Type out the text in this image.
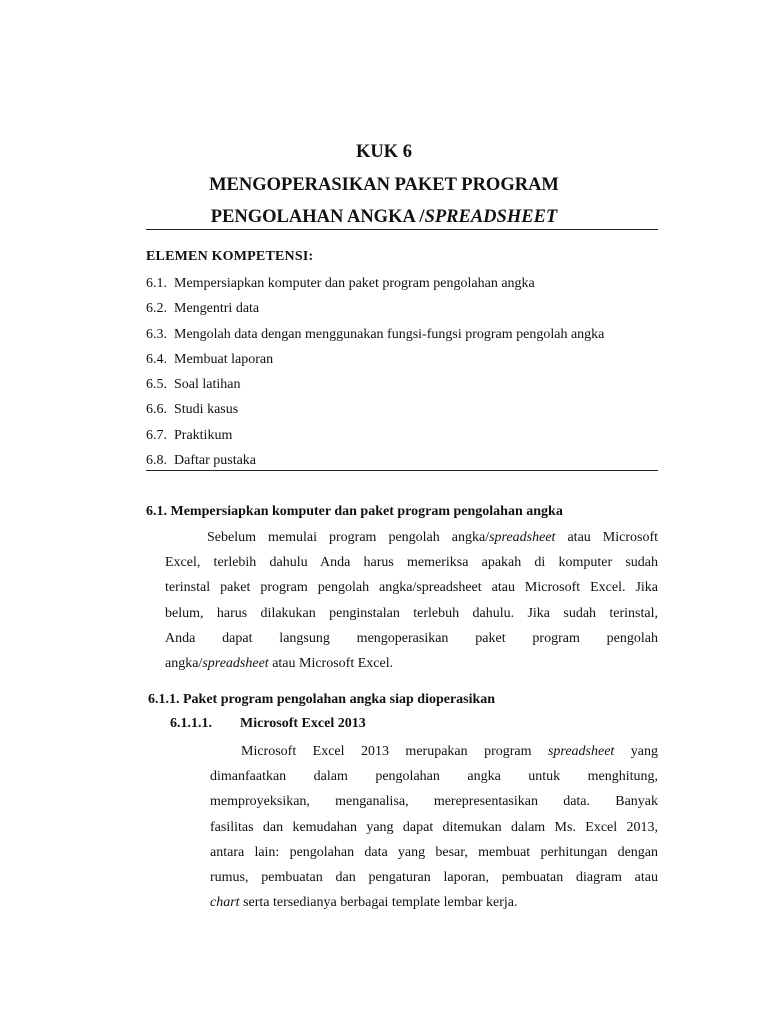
KUK 6
MENGOPERASIKAN PAKET PROGRAM
PENGOLAHAN ANGKA /SPREADSHEET
ELEMEN KOMPETENSI:
6.1. Mempersiapkan komputer dan paket program pengolahan angka
6.2. Mengentri data
6.3. Mengolah data dengan menggunakan fungsi-fungsi program pengolah angka
6.4. Membuat laporan
6.5. Soal latihan
6.6. Studi kasus
6.7. Praktikum
6.8. Daftar pustaka
6.1. Mempersiapkan komputer dan paket program pengolahan angka
Sebelum memulai program pengolah angka/spreadsheet atau Microsoft
Excel, terlebih dahulu Anda harus memeriksa apakah di komputer sudah
terinstal paket program pengolah angka/spreadsheet atau Microsoft Excel. Jika
belum, harus dilakukan penginstalan terlebuh dahulu. Jika sudah terinstal,
Anda dapat langsung mengoperasikan paket program pengolah
angka/spreadsheet atau Microsoft Excel.
6.1.1. Paket program pengolahan angka siap dioperasikan
6.1.1.1. Microsoft Excel 2013
Microsoft Excel 2013 merupakan program spreadsheet yang
dimanfaatkan dalam pengolahan angka untuk menghitung,
memproyeksikan, menganalisa, merepresentasikan data. Banyak
fasilitas dan kemudahan yang dapat ditemukan dalam Ms. Excel 2013,
antara lain: pengolahan data yang besar, membuat perhitungan dengan
rumus, pembuatan dan pengaturan laporan, pembuatan diagram atau
chart serta tersedianya berbagai template lembar kerja.
